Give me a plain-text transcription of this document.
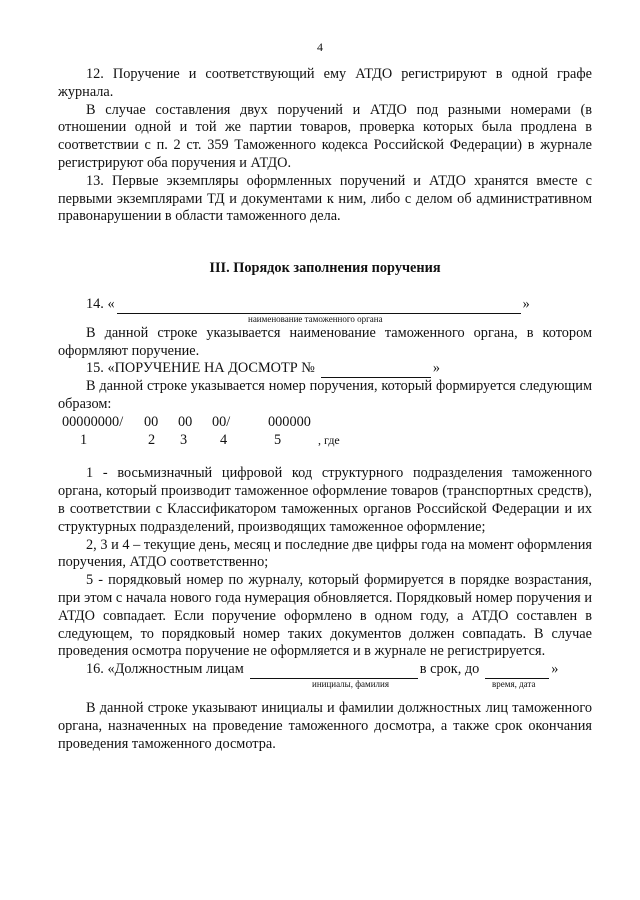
4

12. Поручение и соответствующий ему АТДО регистрируют в одной графе журнала.

В случае составления двух поручений и АТДО под разными номерами (в отношении одной и той же партии товаров, проверка которых была продлена в соответствии с п. 2 ст. 359 Таможенного кодекса Российской Федерации) в журнале регистрируют оба поручения и АТДО.

13. Первые экземпляры оформленных поручений и АТДО хранятся вместе с первыми экземплярами ТД и документами к ним, либо с делом об административном правонарушении в области таможенного дела.

III. Порядок заполнения поручения

14. «	»
наименование таможенного органа

В данной строке указывается наименование таможенного органа, в котором оформляют поручение.

15. «ПОРУЧЕНИЕ НА ДОСМОТР №	»

В данной строке указывается номер поручения, который формируется следующим образом:

00000000/	00	00	00/	000000
1	2	3	4	5	, где

1 - восьмизначный цифровой код структурного подразделения таможенного органа, который производит таможенное оформление товаров (транспортных средств), в соответствии с Классификатором таможенных органов Российской Федерации и их структурных подразделений, производящих таможенное оформление;

2, 3 и 4 – текущие день, месяц и последние две цифры года на момент оформления поручения, АТДО соответственно;

5 - порядковый номер по журналу, который формируется в порядке возрастания, при этом с начала нового года нумерация обновляется. Порядковый номер поручения и АТДО совпадает. Если поручение оформлено в одном году, а АТДО составлен в следующем, то порядковый номер таких документов должен совпадать. В случае проведения осмотра поручение не оформляется и в журнале не регистрируется.

16. «Должностным лицам	в срок, до	»
инициалы, фамилия	время, дата

В данной строке указывают инициалы и фамилии должностных лиц таможенного органа, назначенных на проведение таможенного досмотра, а также срок окончания проведения таможенного досмотра.
